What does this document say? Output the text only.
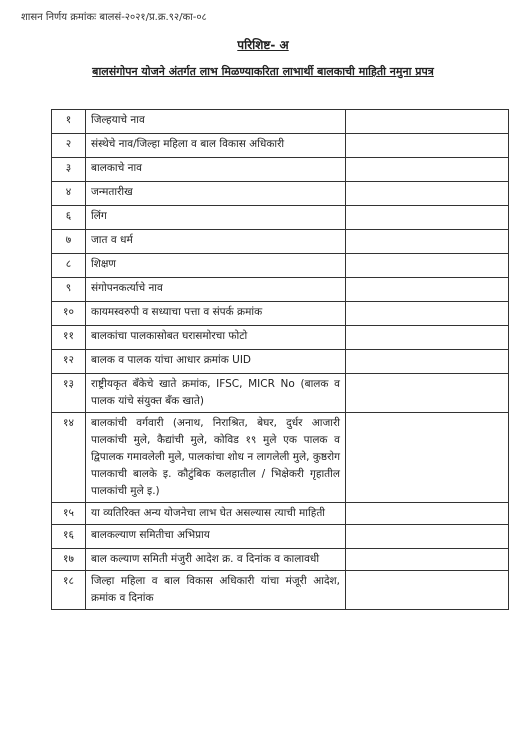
शासन निर्णय क्रमांकः बालसं-२०२१/प्र.क्र.९२/का-०८
परिशिष्ट- अ
बालसंगोपन योजने अंतर्गत लाभ मिळण्याकरिता लाभार्थी बालकाची माहिती नमुना प्रपत्र
१	जिल्हयाचे नाव	
२	संस्थेचे नाव/जिल्हा महिला व बाल विकास अधिकारी	
३	बालकाचे नाव	
४	जन्मतारीख	
६	लिंग	
७	जात व धर्म	
८	शिक्षण	
९	संगोपनकर्त्याचे नाव	
१०	कायमस्वरुपी व सध्याचा पत्ता व संपर्क क्रमांक	
११	बालकांचा पालकासोबत घरासमोरचा फोटो	
१२	बालक व पालक यांचा आधार क्रमांक UID	
१३	राष्ट्रीयकृत बँकेचे खाते क्रमांक, IFSC, MICR No (बालक व पालक यांचे संयुक्त बँक खाते)	
१४	बालकांची वर्गवारी (अनाथ, निराश्रित, बेघर, दुर्धर आजारी पालकांची मुले, कैद्यांची मुले, कोविड १९ मुले एक पालक व द्विपालक गमावलेली मुले, पालकांचा शोध न लागलेली मुले, कुष्ठरोग पालकाची बालके इ. कौटुंबिक कलहातील / भिक्षेकरी गृहातील पालकांची मुले इ.)	
१५	या व्यतिरिक्त अन्य योजनेचा लाभ घेत असल्यास त्याची माहिती	
१६	बालकल्याण समितीचा अभिप्राय	
१७	बाल कल्याण समिती मंजुरी आदेश क्र. व दिनांक व कालावधी	
१८	जिल्हा महिला व बाल विकास अधिकारी यांचा मंजूरी आदेश, क्रमांक व दिनांक	
